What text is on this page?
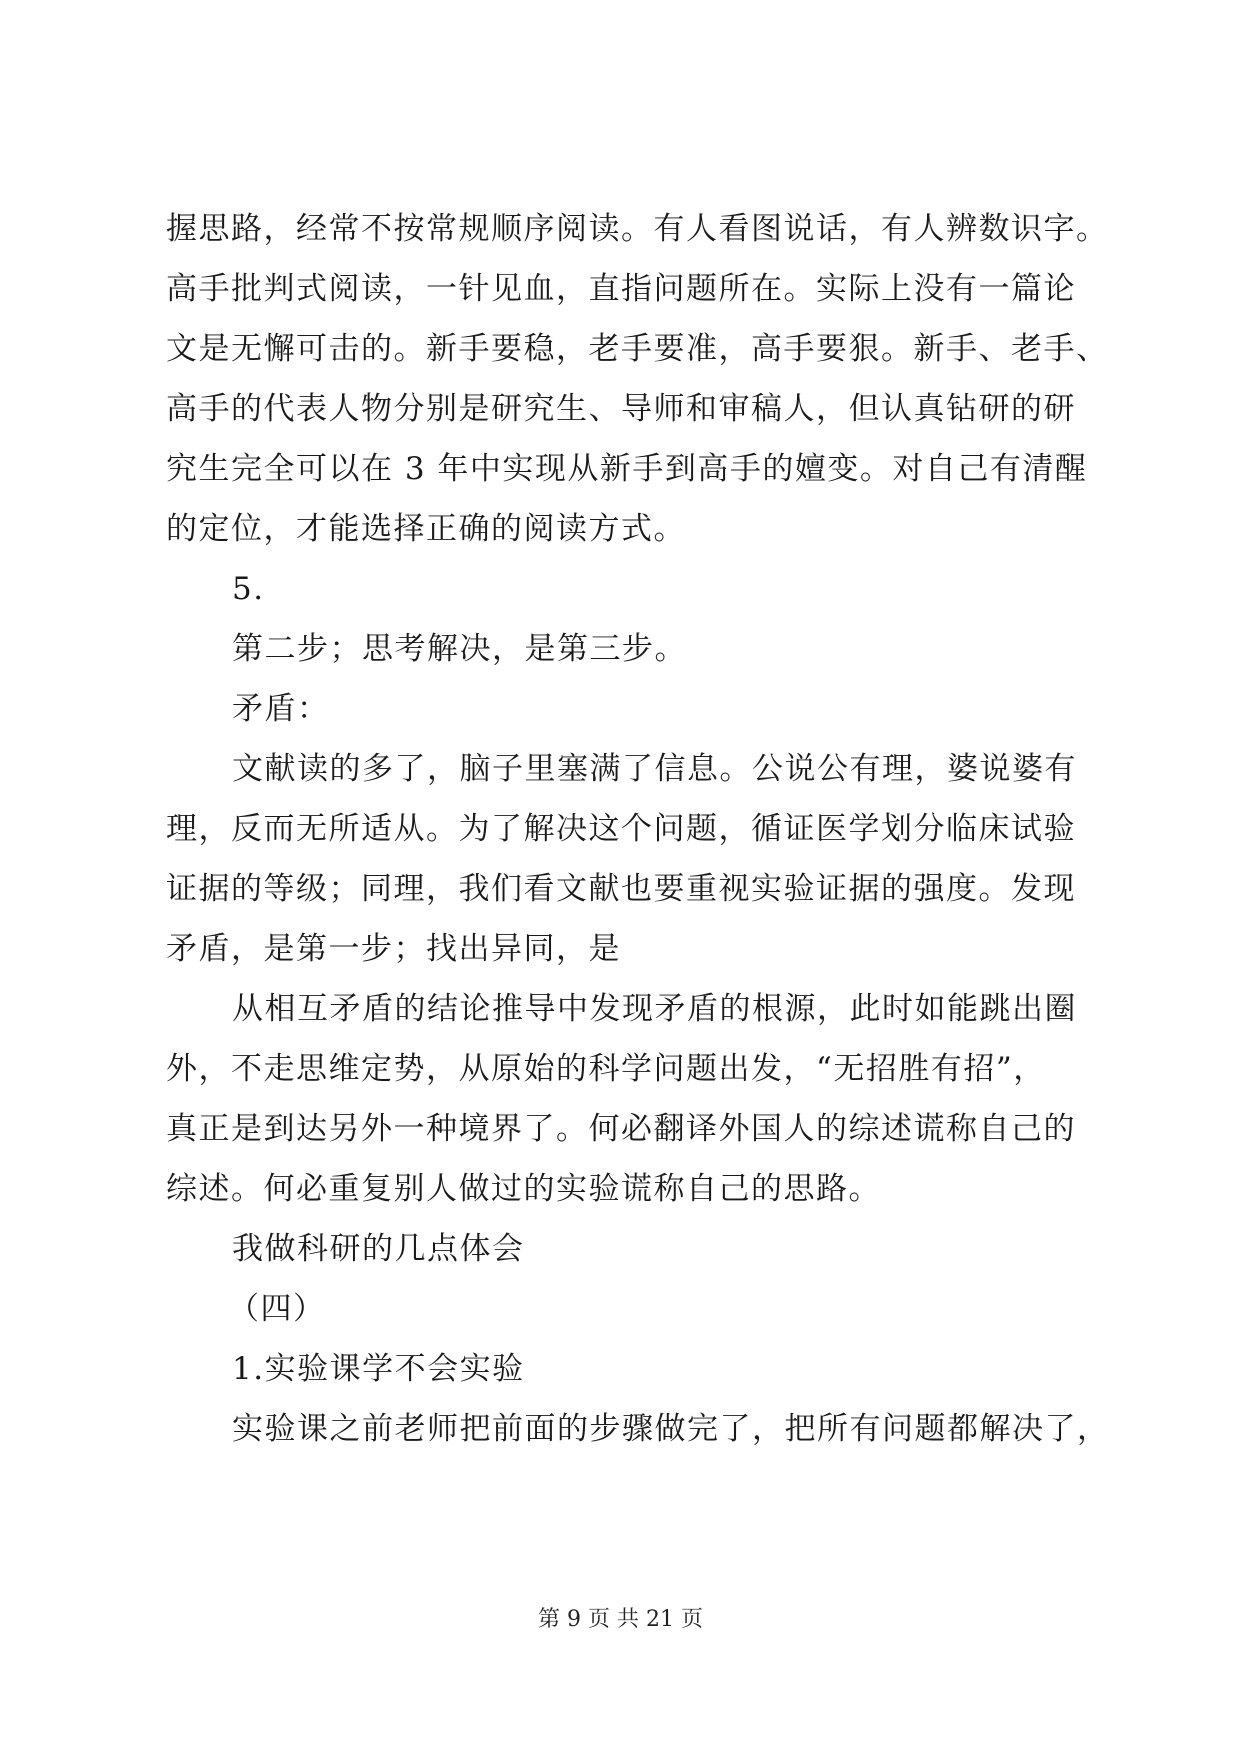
握思路，经常不按常规顺序阅读。有人看图说话，有人辨数识字。
高手批判式阅读，一针见血，直指问题所在。实际上没有一篇论
文是无懈可击的。新手要稳，老手要准，高手要狠。新手、老手、
高手的代表人物分别是研究生、导师和审稿人，但认真钻研的研
究生完全可以在 3 年中实现从新手到高手的嬗变。对自己有清醒
的定位，才能选择正确的阅读方式。
5.
第二步；思考解决，是第三步。
矛盾：
文献读的多了，脑子里塞满了信息。公说公有理，婆说婆有
理，反而无所适从。为了解决这个问题，循证医学划分临床试验
证据的等级；同理，我们看文献也要重视实验证据的强度。发现
矛盾，是第一步；找出异同，是
从相互矛盾的结论推导中发现矛盾的根源，此时如能跳出圈
外，不走思维定势，从原始的科学问题出发，“无招胜有招”，
真正是到达另外一种境界了。何必翻译外国人的综述谎称自己的
综述。何必重复别人做过的实验谎称自己的思路。
我做科研的几点体会
（四）
1.实验课学不会实验
实验课之前老师把前面的步骤做完了，把所有问题都解决了，
第 9 页 共 21 页
